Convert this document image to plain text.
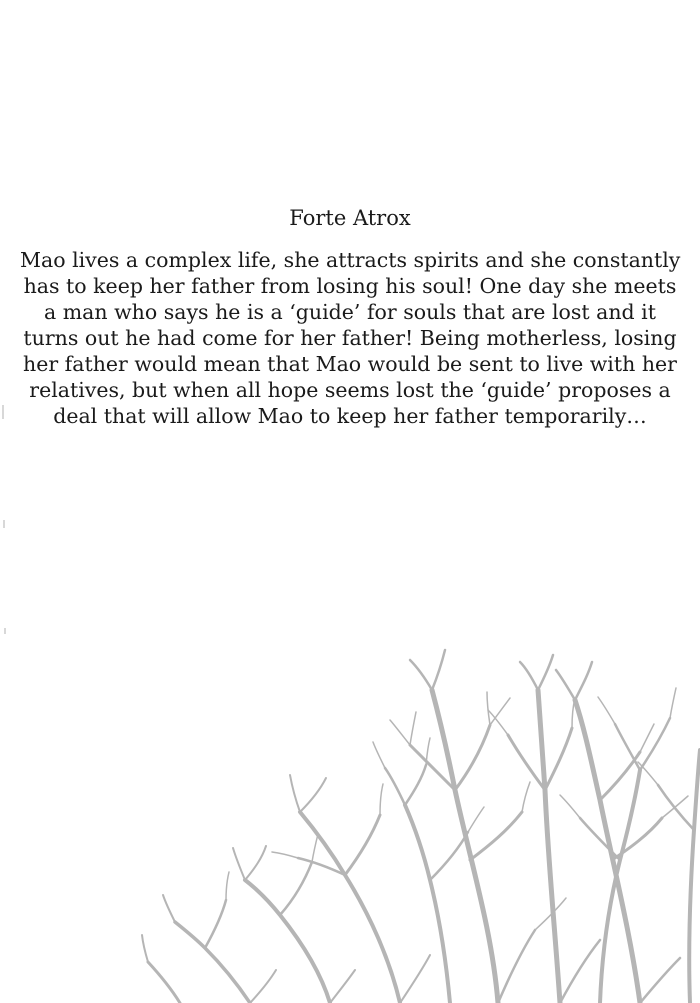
Forte Atrox

Mao lives a complex life, she attracts spirits and she constantly
has to keep her father from losing his soul! One day she meets
a man who says he is a ‘guide’ for souls that are lost and it
turns out he had come for her father! Being motherless, losing
her father would mean that Mao would be sent to live with her
relatives, but when all hope seems lost the ‘guide’ proposes a
deal that will allow Mao to keep her father temporarily…
